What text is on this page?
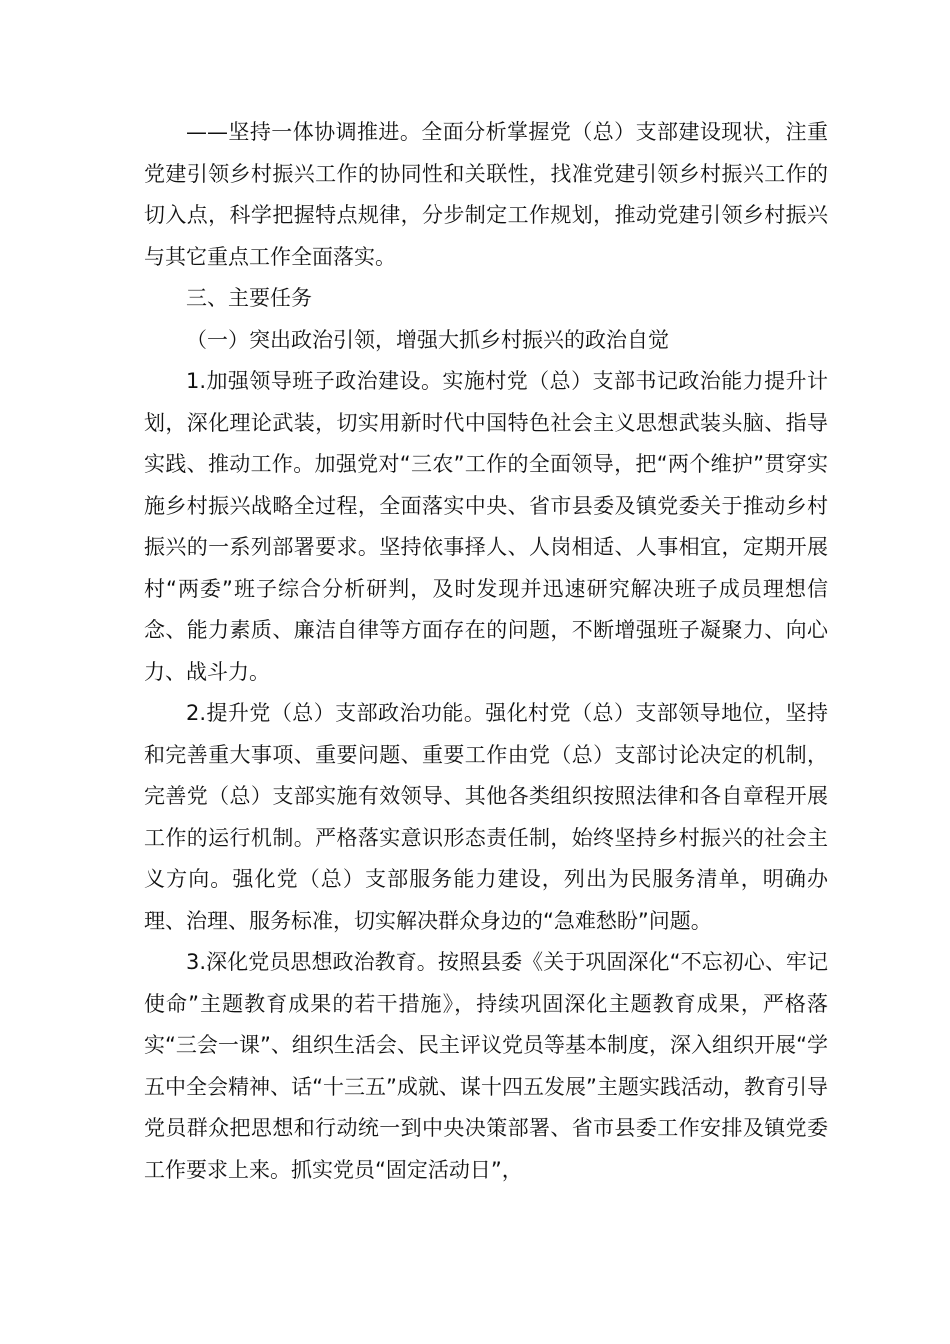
——坚持一体协调推进。全面分析掌握党（总）支部建设现状，注重党建引领乡村振兴工作的协同性和关联性，找准党建引领乡村振兴工作的切入点，科学把握特点规律，分步制定工作规划，推动党建引领乡村振兴与其它重点工作全面落实。

三、主要任务

（一）突出政治引领，增强大抓乡村振兴的政治自觉

1.加强领导班子政治建设。实施村党（总）支部书记政治能力提升计划，深化理论武装，切实用新时代中国特色社会主义思想武装头脑、指导实践、推动工作。加强党对“三农”工作的全面领导，把“两个维护”贯穿实施乡村振兴战略全过程，全面落实中央、省市县委及镇党委关于推动乡村振兴的一系列部署要求。坚持依事择人、人岗相适、人事相宜，定期开展村“两委”班子综合分析研判，及时发现并迅速研究解决班子成员理想信念、能力素质、廉洁自律等方面存在的问题，不断增强班子凝聚力、向心力、战斗力。

2.提升党（总）支部政治功能。强化村党（总）支部领导地位，坚持和完善重大事项、重要问题、重要工作由党（总）支部讨论决定的机制，完善党（总）支部实施有效领导、其他各类组织按照法律和各自章程开展工作的运行机制。严格落实意识形态责任制，始终坚持乡村振兴的社会主义方向。强化党（总）支部服务能力建设，列出为民服务清单，明确办理、治理、服务标准，切实解决群众身边的“急难愁盼”问题。

3.深化党员思想政治教育。按照县委《关于巩固深化“不忘初心、牢记使命”主题教育成果的若干措施》，持续巩固深化主题教育成果，严格落实“三会一课”、组织生活会、民主评议党员等基本制度，深入组织开展“学五中全会精神、话“十三五”成就、谋十四五发展”主题实践活动，教育引导党员群众把思想和行动统一到中央决策部署、省市县委工作安排及镇党委工作要求上来。抓实党员“固定活动日”，
